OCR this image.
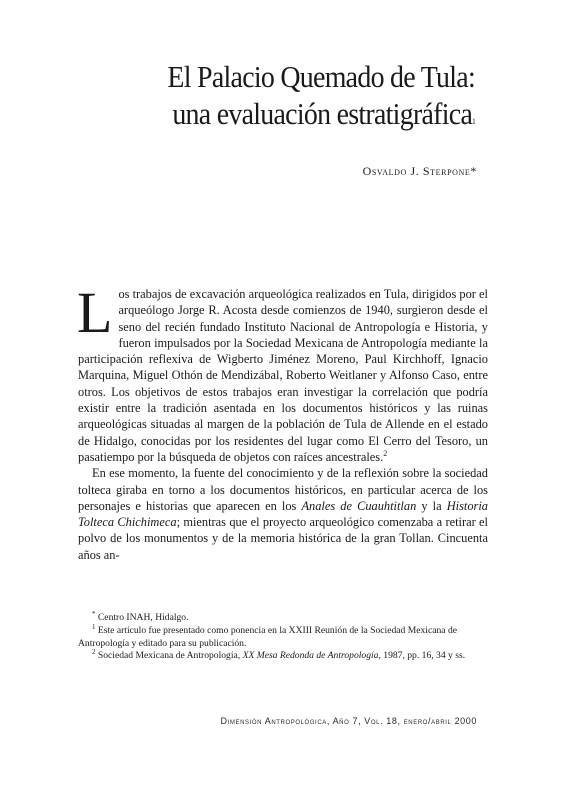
El Palacio Quemado de Tula:
una evaluación estratigráfica$^1$
Osvaldo J. Sterpone*

Los trabajos de excavación arqueológica realizados en Tula, dirigidos por el arqueólogo Jorge R. Acosta desde comienzos de 1940, surgieron desde el seno del recién fundado Instituto Nacional de Antropología e Historia, y fueron impulsados por la Sociedad Mexicana de Antropología mediante la participación reflexiva de Wigberto Jiménez Moreno, Paul Kirchhoff, Ignacio Marquina, Miguel Othón de Mendizábal, Roberto Weitlaner y Alfonso Caso, entre otros. Los objetivos de estos trabajos eran investigar la correlación que podría existir entre la tradición asentada en los documentos históricos y las ruinas arqueológicas situadas al margen de la población de Tula de Allende en el estado de Hidalgo, conocidas por los residentes del lugar como El Cerro del Tesoro, un pasatiempo por la búsqueda de objetos con raíces ancestrales.$^2$

En ese momento, la fuente del conocimiento y de la reflexión sobre la sociedad tolteca giraba en torno a los documentos históricos, en particular acerca de los personajes e historias que aparecen en los Anales de Cuauhtitlan y la Historia Tolteca Chichimeca; mientras que el proyecto arqueológico comenzaba a retirar el polvo de los monumentos y de la memoria histórica de la gran Tollan. Cincuenta años an-

* Centro INAH, Hidalgo.

$^1$ Este artículo fue presentado como ponencia en la XXIII Reunión de la Sociedad Mexicana de Antropología y editado para su publicación.

$^2$ Sociedad Mexicana de Antropología, XX Mesa Redonda de Antropología, 1987, pp. 16, 34 y ss.

Dimensión Antropológica, Año 7, Vol. 18, enero/abril 2000
